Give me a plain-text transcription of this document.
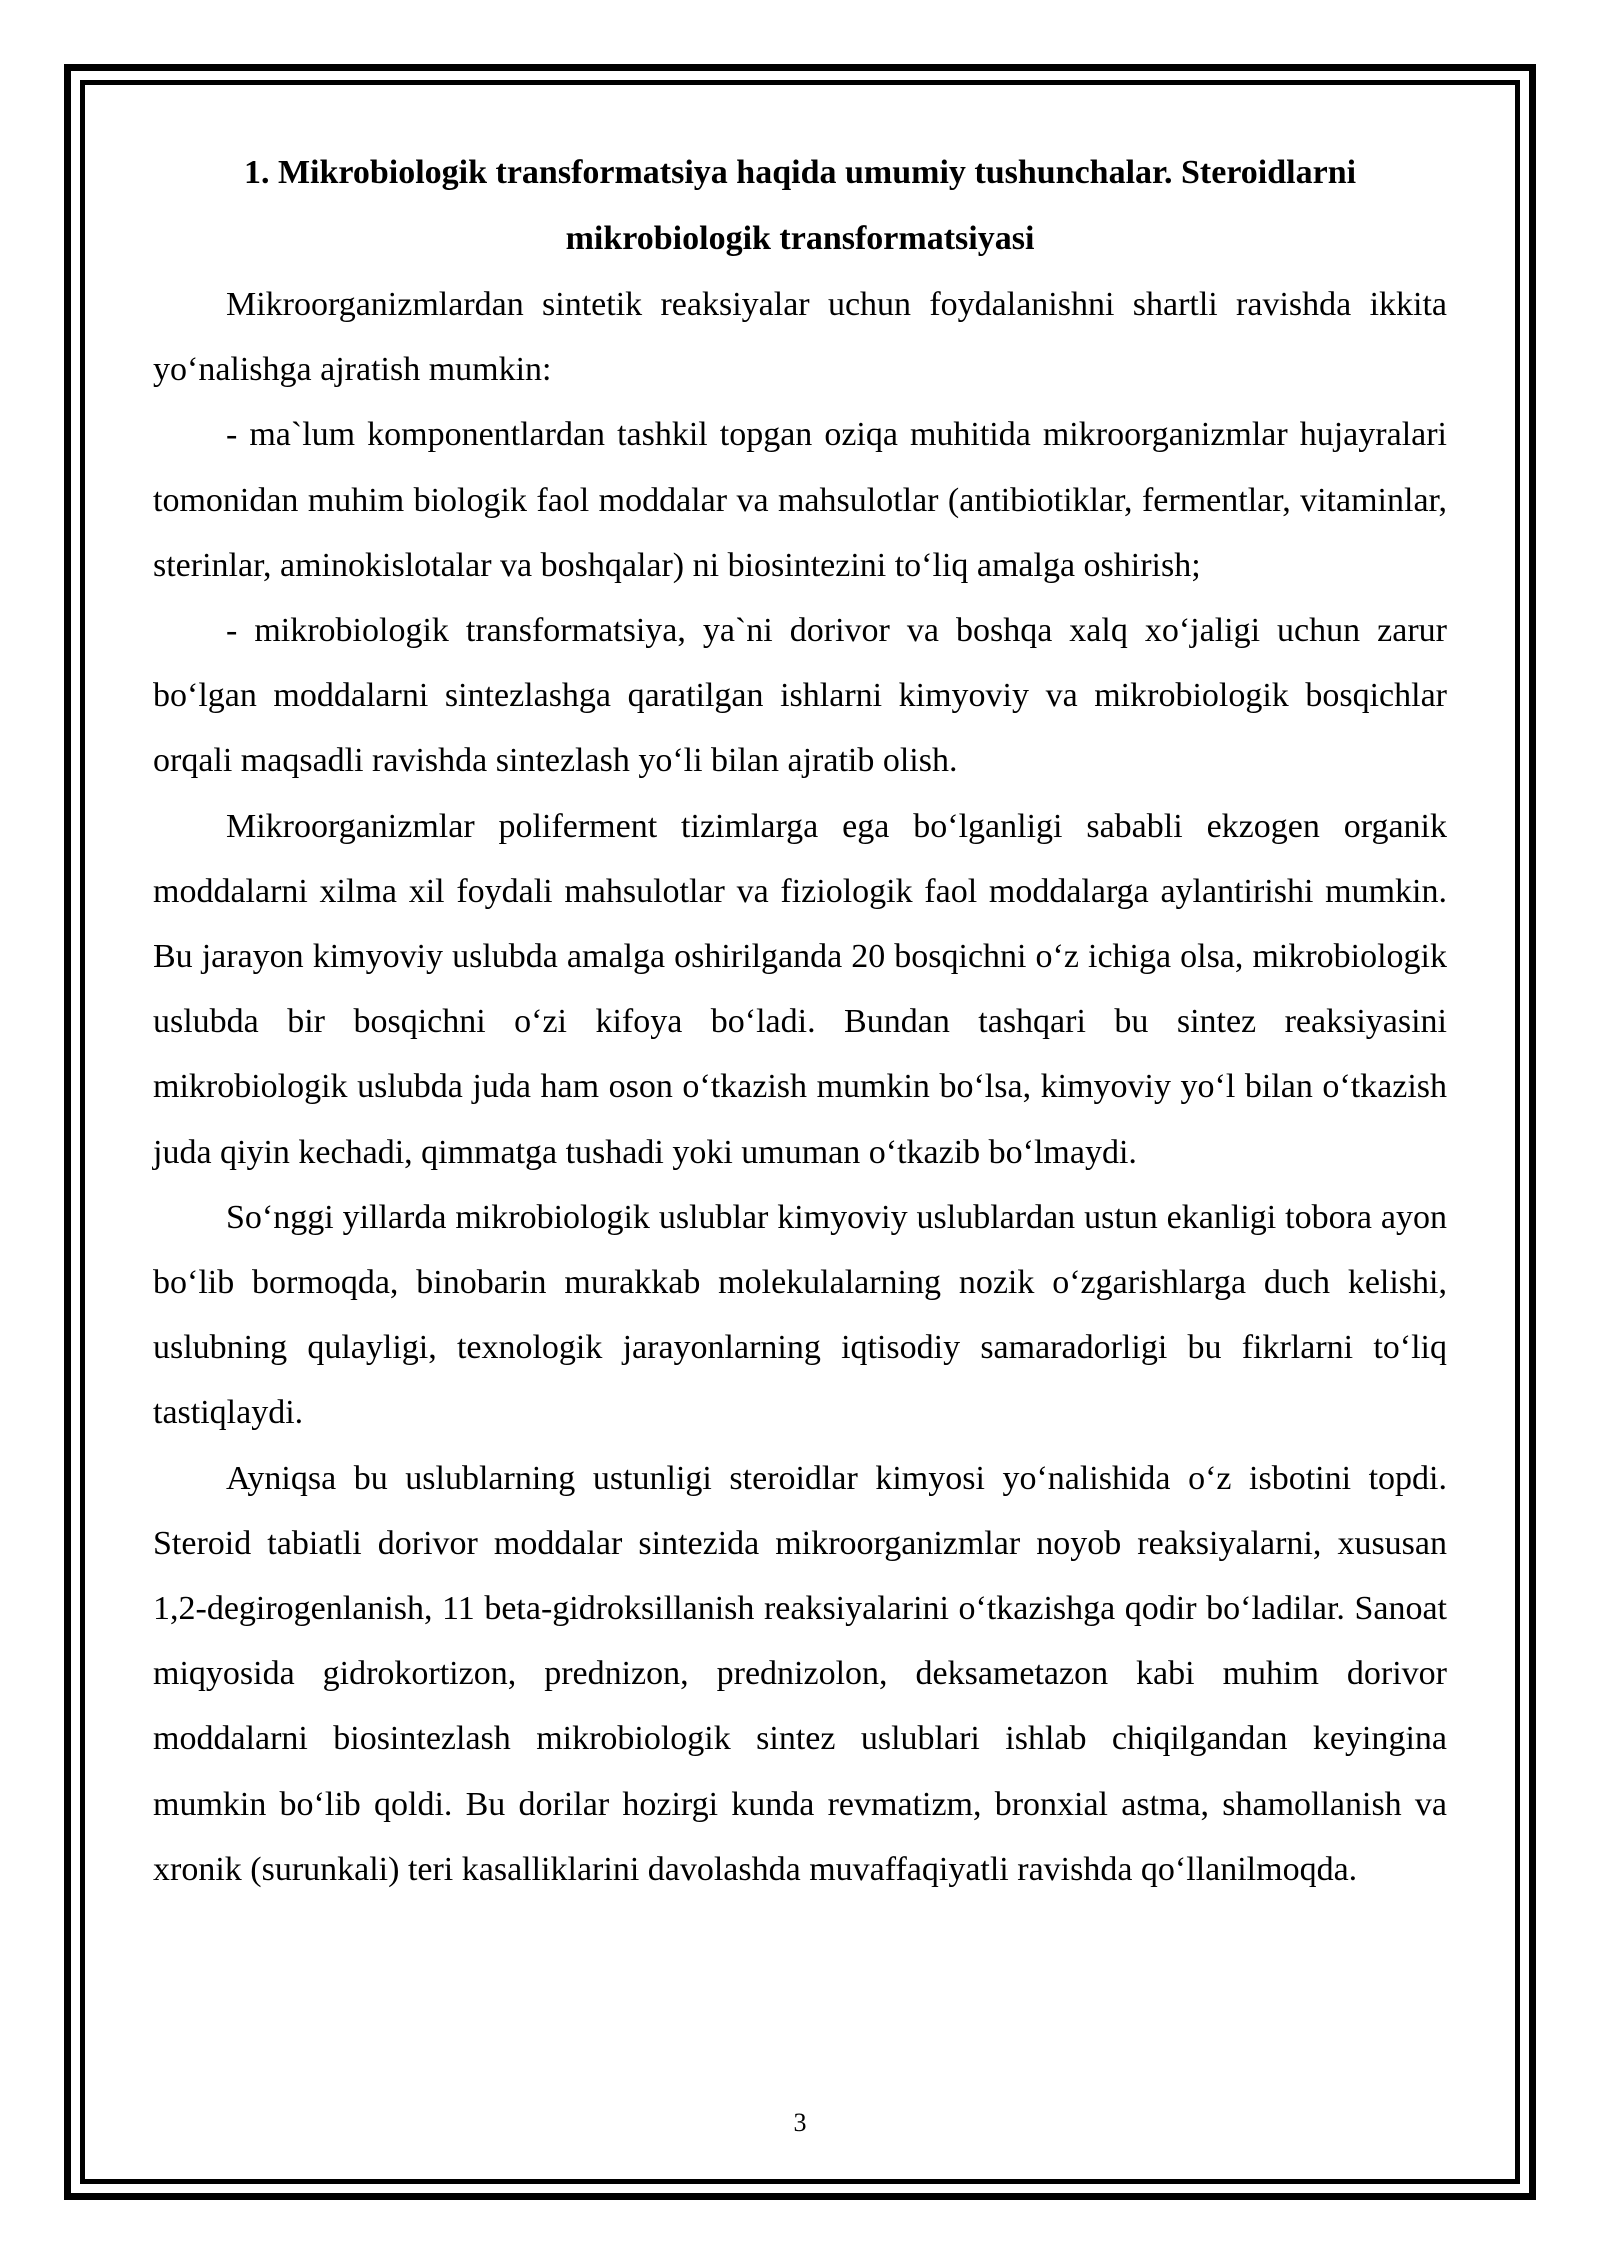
1. Mikrobiologik transformatsiya haqida umumiy tushunchalar. Steroidlarni mikrobiologik transformatsiyasi

Mikroorganizmlardan sintetik reaksiyalar uchun foydalanishni shartli ravishda ikkita yo‘nalishga ajratish mumkin:

- ma`lum komponentlardan tashkil topgan oziqa muhitida mikroorganizmlar hujayralari tomonidan muhim biologik faol moddalar va mahsulotlar (antibiotiklar, fermentlar, vitaminlar, sterinlar, aminokislotalar va boshqalar) ni biosintezini to‘liq amalga oshirish;

- mikrobiologik transformatsiya, ya`ni dorivor va boshqa xalq xo‘jaligi uchun zarur bo‘lgan moddalarni sintezlashga qaratilgan ishlarni kimyoviy va mikrobiologik bosqichlar orqali maqsadli ravishda sintezlash yo‘li bilan ajratib olish.

Mikroorganizmlar poliferment tizimlarga ega bo‘lganligi sababli ekzogen organik moddalarni xilma xil foydali mahsulotlar va fiziologik faol moddalarga aylantirishi mumkin. Bu jarayon kimyoviy uslubda amalga oshirilganda 20 bosqichni o‘z ichiga olsa, mikrobiologik uslubda bir bosqichni o‘zi kifoya bo‘ladi. Bundan tashqari bu sintez reaksiyasini mikrobiologik uslubda juda ham oson o‘tkazish mumkin bo‘lsa, kimyoviy yo‘l bilan o‘tkazish juda qiyin kechadi, qimmatga tushadi yoki umuman o‘tkazib bo‘lmaydi.

So‘nggi yillarda mikrobiologik uslublar kimyoviy uslublardan ustun ekanligi tobora ayon bo‘lib bormoqda, binobarin murakkab molekulalarning nozik o‘zgarishlarga duch kelishi, uslubning qulayligi, texnologik jarayonlarning iqtisodiy samaradorligi bu fikrlarni to‘liq tastiqlaydi.

Ayniqsa bu uslublarning ustunligi steroidlar kimyosi yo‘nalishida o‘z isbotini topdi. Steroid tabiatli dorivor moddalar sintezida mikroorganizmlar noyob reaksiyalarni, xususan 1,2-degirogenlanish, 11 beta-gidroksillanish reaksiyalarini o‘tkazishga qodir bo‘ladilar. Sanoat miqyosida gidrokortizon, prednizon, prednizolon, deksametazon kabi muhim dorivor moddalarni biosintezlash mikrobiologik sintez uslublari ishlab chiqilgandan keyingina mumkin bo‘lib qoldi. Bu dorilar hozirgi kunda revmatizm, bronxial astma, shamollanish va xronik (surunkali) teri kasalliklarini davolashda muvaffaqiyatli ravishda qo‘llanilmoqda.

3
